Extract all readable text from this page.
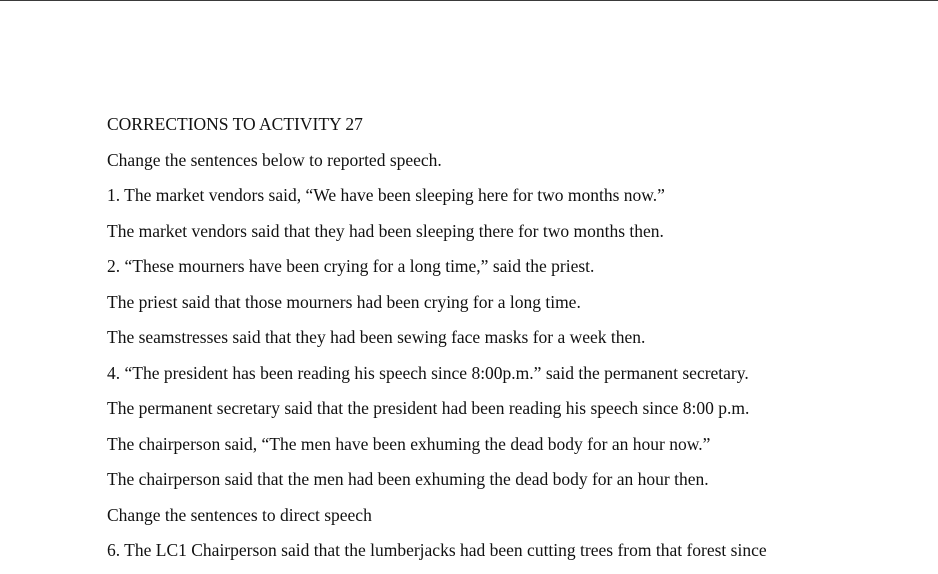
CORRECTIONS TO ACTIVITY 27

Change the sentences below to reported speech.

1. The market vendors said, “We have been sleeping here for two months now.”

The market vendors said that they had been sleeping there for two months then.

2. “These mourners have been crying for a long time,” said the priest.

The priest said that those mourners had been crying for a long time.

The seamstresses said that they had been sewing face masks for a week then.

4. “The president has been reading his speech since 8:00p.m.” said the permanent secretary.

The permanent secretary said that the president had been reading his speech since 8:00 p.m.

The chairperson said, “The men have been exhuming the dead body for an hour now.”

The chairperson said that the men had been exhuming the dead body for an hour then.

Change the sentences to direct speech

6. The LC1 Chairperson said that the lumberjacks had been cutting trees from that forest since
